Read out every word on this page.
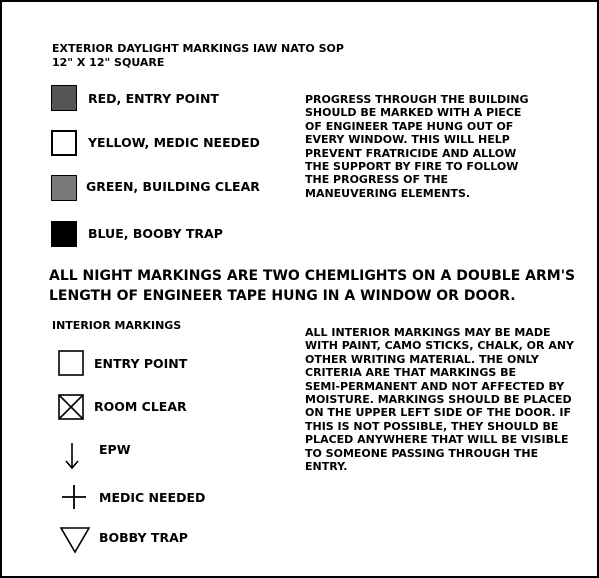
EXTERIOR DAYLIGHT MARKINGS IAW NATO SOP
12" X 12" SQUARE
RED, ENTRY POINT
YELLOW, MEDIC NEEDED
GREEN, BUILDING CLEAR
BLUE, BOOBY TRAP
PROGRESS THROUGH THE BUILDING
SHOULD BE MARKED WITH A PIECE
OF ENGINEER TAPE HUNG OUT OF
EVERY WINDOW. THIS WILL HELP
PREVENT FRATRICIDE AND ALLOW
THE SUPPORT BY FIRE TO FOLLOW
THE PROGRESS OF THE
MANEUVERING ELEMENTS.
ALL NIGHT MARKINGS ARE TWO CHEMLIGHTS ON A DOUBLE ARM'S
LENGTH OF ENGINEER TAPE HUNG IN A WINDOW OR DOOR.
INTERIOR MARKINGS
ENTRY POINT
ROOM CLEAR
EPW
MEDIC NEEDED
BOBBY TRAP
ALL INTERIOR MARKINGS MAY BE MADE
WITH PAINT, CAMO STICKS, CHALK, OR ANY
OTHER WRITING MATERIAL. THE ONLY
CRITERIA ARE THAT MARKINGS BE
SEMI-PERMANENT AND NOT AFFECTED BY
MOISTURE. MARKINGS SHOULD BE PLACED
ON THE UPPER LEFT SIDE OF THE DOOR. IF
THIS IS NOT POSSIBLE, THEY SHOULD BE
PLACED ANYWHERE THAT WILL BE VISIBLE
TO SOMEONE PASSING THROUGH THE
ENTRY.
